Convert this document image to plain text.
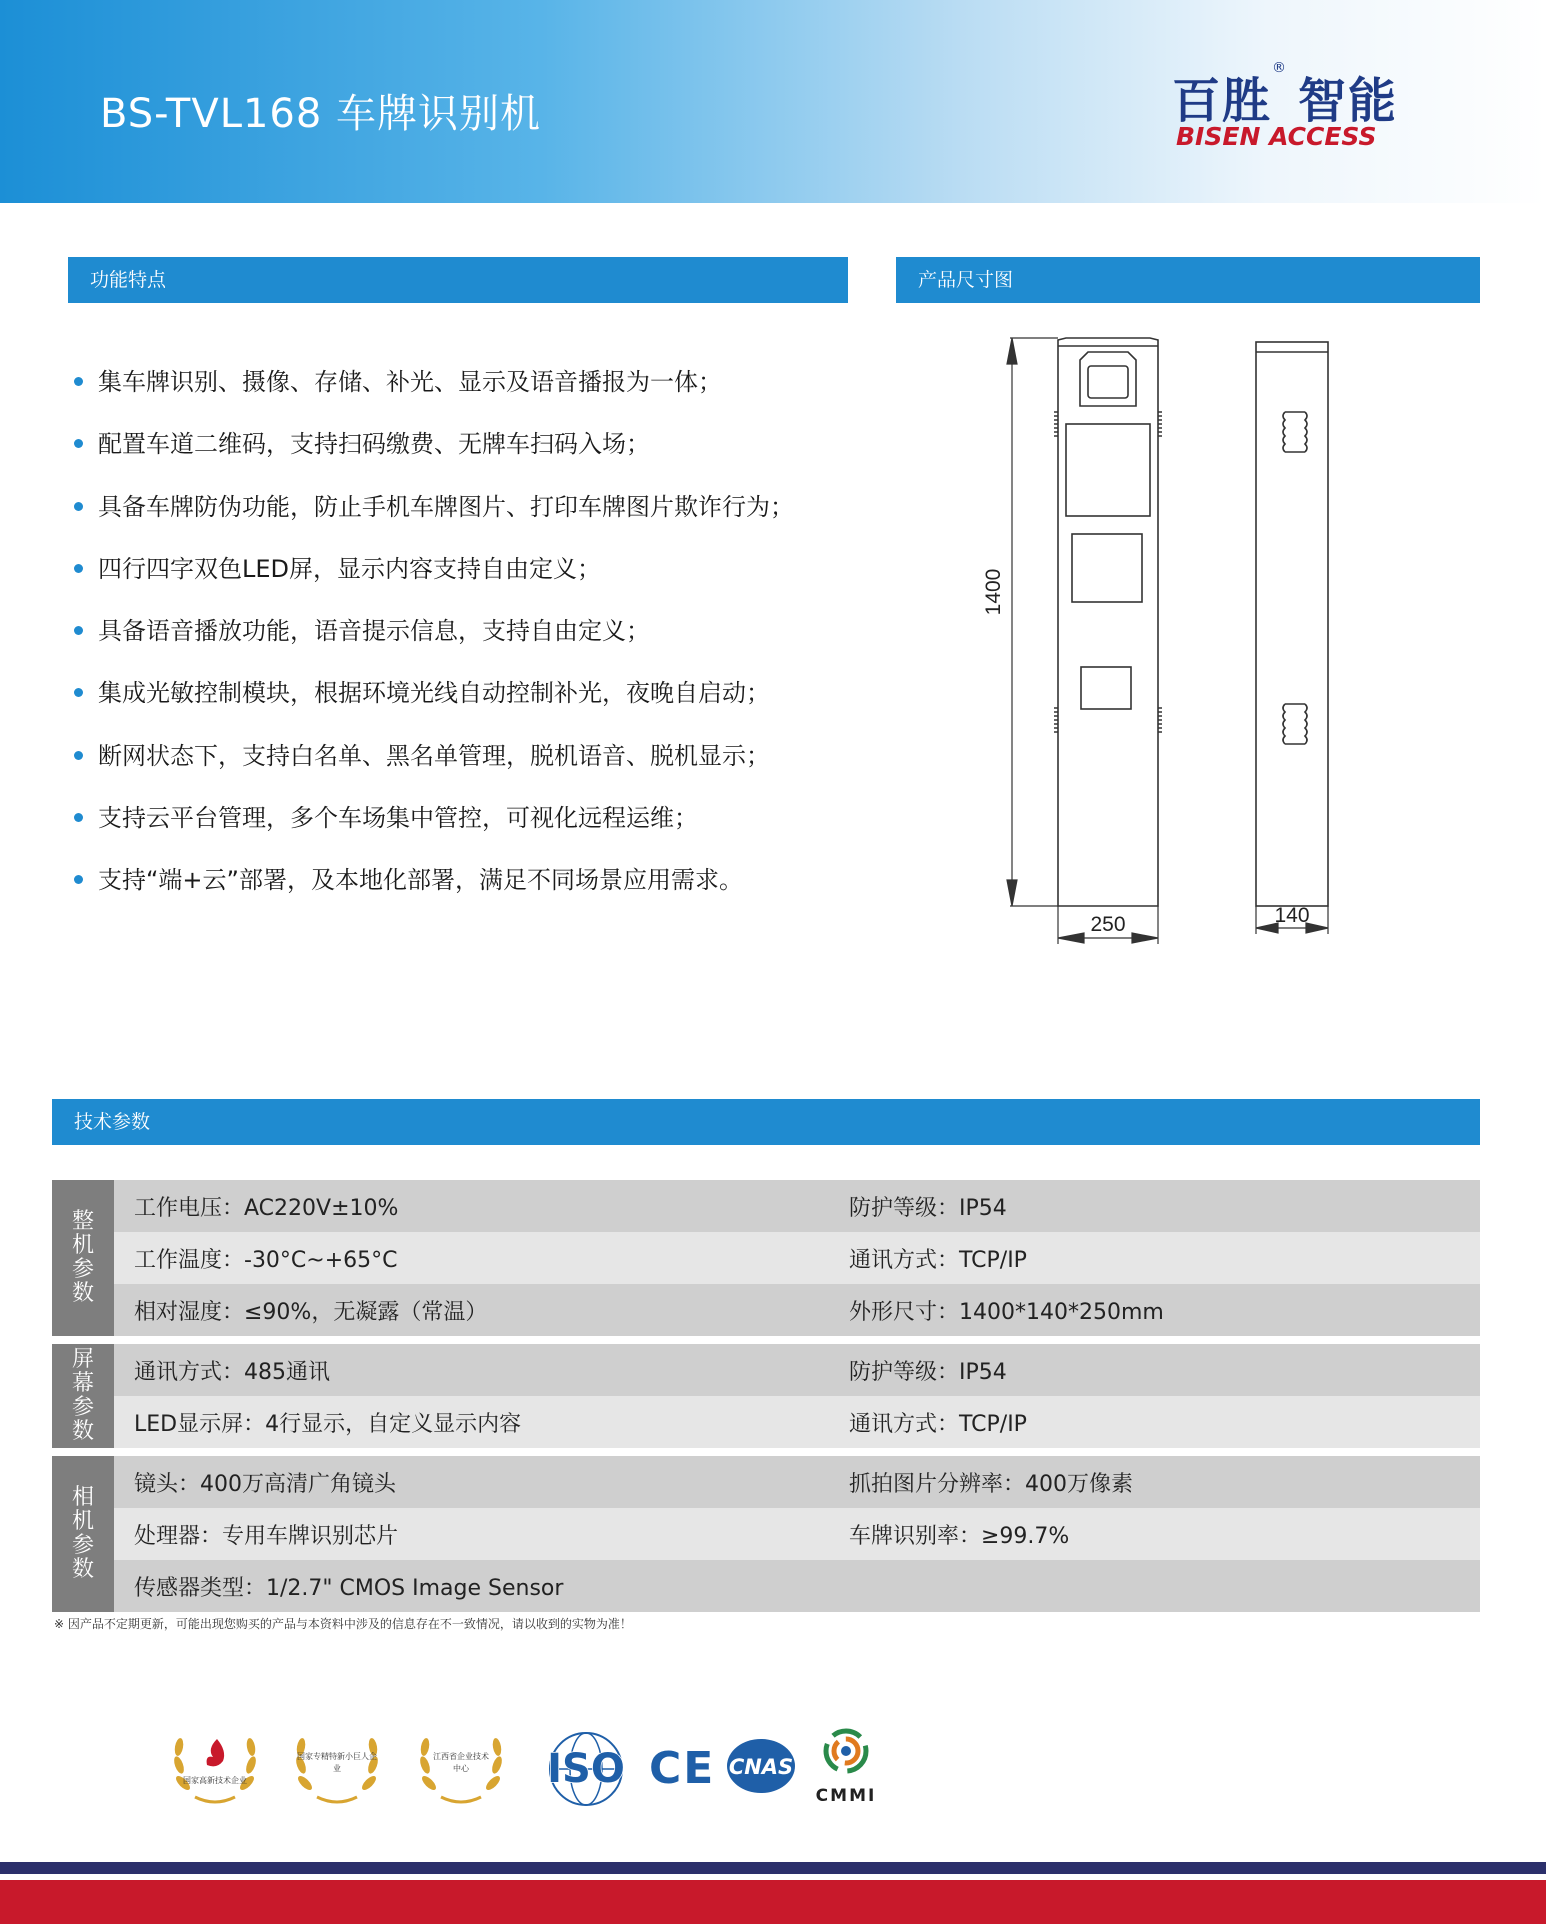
BS-TVL168 车牌识别机	百胜 智能
®
BISEN ACCESS
功能特点
集车牌识别、摄像、存储、补光、显示及语音播报为一体；
配置车道二维码，支持扫码缴费、无牌车扫码入场；
具备车牌防伪功能，防止手机车牌图片、打印车牌图片欺诈行为；
四行四字双色LED屏，显示内容支持自由定义；
具备语音播放功能，语音提示信息，支持自由定义；
集成光敏控制模块，根据环境光线自动控制补光，夜晚自启动；
断网状态下，支持白名单、黑名单管理，脱机语音、脱机显示；
支持云平台管理，多个车场集中管控，可视化远程运维；
支持“端+云”部署，及本地化部署，满足不同场景应用需求。
产品尺寸图
1400
250	140
技术参数
整机参数
工作电压：AC220V±10%	防护等级：IP54
工作温度：-30°C~+65°C	通讯方式：TCP/IP
相对湿度：≤90%，无凝露（常温）	外形尺寸：1400*140*250mm
屏幕参数
通讯方式：485通讯	防护等级：IP54
LED显示屏：4行显示，自定义显示内容	通讯方式：TCP/IP
相机参数
镜头：400万高清广角镜头	抓拍图片分辨率：400万像素
处理器：专用车牌识别芯片	车牌识别率：≥99.7%
传感器类型：1/2.7" CMOS Image Sensor
※ 因产品不定期更新，可能出现您购买的产品与本资料中涉及的信息存在不一致情况，请以收到的实物为准！
国家高新技术企业
国家专精特新小巨人企业
江西省企业技术中心	ISO CE CNAS
CMMI
